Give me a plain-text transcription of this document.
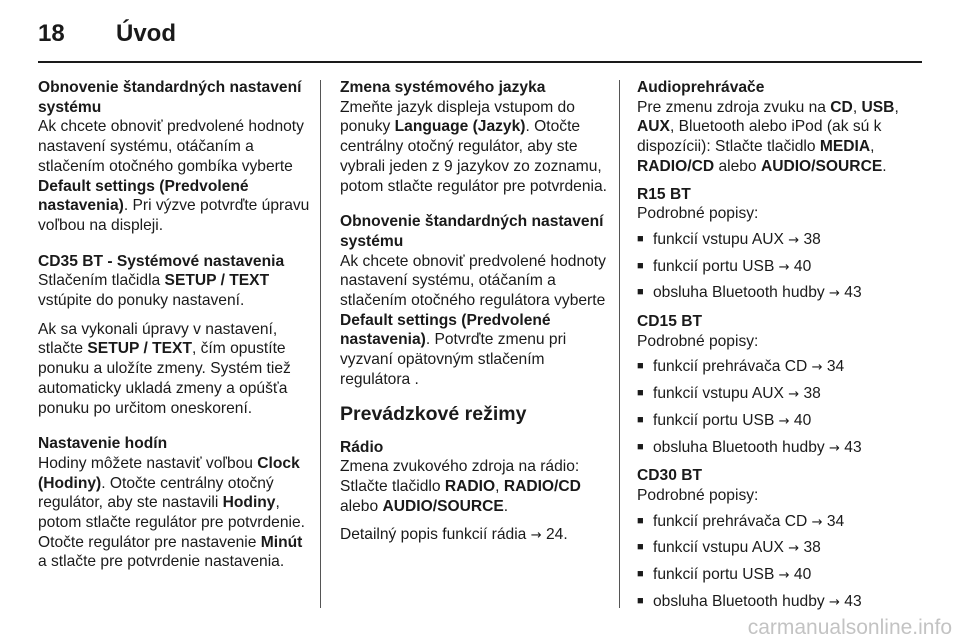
18 Úvod

Obnovenie štandardných nastavení systému

Ak chcete obnoviť predvolené hodnoty nastavení systému, otáčaním a stlačením otočného gombíka vyberte Default settings (Predvolené nastavenia). Pri výzve potvrďte úpravu voľbou na displeji.

CD35 BT - Systémové nastavenia

Stlačením tlačidla SETUP / TEXT vstúpite do ponuky nastavení.

Ak sa vykonali úpravy v nastavení, stlačte SETUP / TEXT, čím opustíte ponuku a uložíte zmeny. Systém tiež automaticky ukladá zmeny a opúšťa ponuku po určitom oneskorení.

Nastavenie hodín

Hodiny môžete nastaviť voľbou Clock (Hodiny). Otočte centrálny otočný regulátor, aby ste nastavili Hodiny, potom stlačte regulátor pre potvrdenie. Otočte regulátor pre nastavenie Minút a stlačte pre potvrdenie nastavenia.

Zmena systémového jazyka

Zmeňte jazyk displeja vstupom do ponuky Language (Jazyk). Otočte centrálny otočný regulátor, aby ste vybrali jeden z 9 jazykov zo zoznamu, potom stlačte regulátor pre potvrdenia.

Obnovenie štandardných nastavení systému

Ak chcete obnoviť predvolené hodnoty nastavení systému, otáčaním a stlačením otočného regulátora vyberte Default settings (Predvolené nastavenia). Potvrďte zmenu pri vyzvaní opätovným stlačením regulátora .

Prevádzkové režimy

Rádio

Zmena zvukového zdroja na rádio: Stlačte tlačidlo RADIO, RADIO/CD alebo AUDIO/SOURCE.

Detailný popis funkcií rádia → 24.

Audioprehrávače

Pre zmenu zdroja zvuku na CD, USB, AUX, Bluetooth alebo iPod (ak sú k dispozícii): Stlačte tlačidlo MEDIA, RADIO/CD alebo AUDIO/SOURCE.

R15 BT

Podrobné popisy:

■ funkcií vstupu AUX → 38

■ funkcií portu USB → 40

■ obsluha Bluetooth hudby → 43

CD15 BT

Podrobné popisy:

■ funkcií prehrávača CD → 34

■ funkcií vstupu AUX → 38

■ funkcií portu USB → 40

■ obsluha Bluetooth hudby → 43

CD30 BT

Podrobné popisy:

■ funkcií prehrávača CD → 34

■ funkcií vstupu AUX → 38

■ funkcií portu USB → 40

■ obsluha Bluetooth hudby → 43

carmanualsonline.info
